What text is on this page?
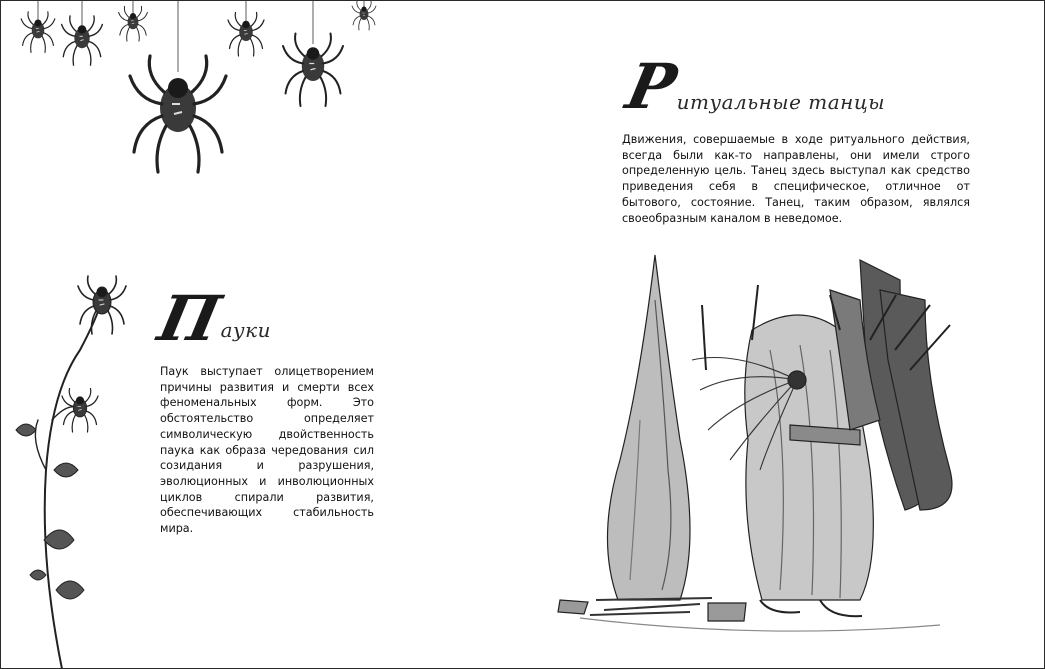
Р
итуальные танцы

Движения, совершаемые в ходе ритуального действия, всегда были как-то направлены, они имели строго определенную цель. Танец здесь выступал как средство приведения себя в специфическое, отличное от бытового, состояние. Танец, таким образом, являлся своеобразным каналом в неведомое.

П
ауки

Паук выступает олицетворением причины развития и смерти всех феноменальных форм. Это обстоятельство определяет символическую двойственность паука как образа чередования сил созидания и разрушения, эволюционных и инволюционных циклов спирали развития, обеспечивающих стабильность мира.
